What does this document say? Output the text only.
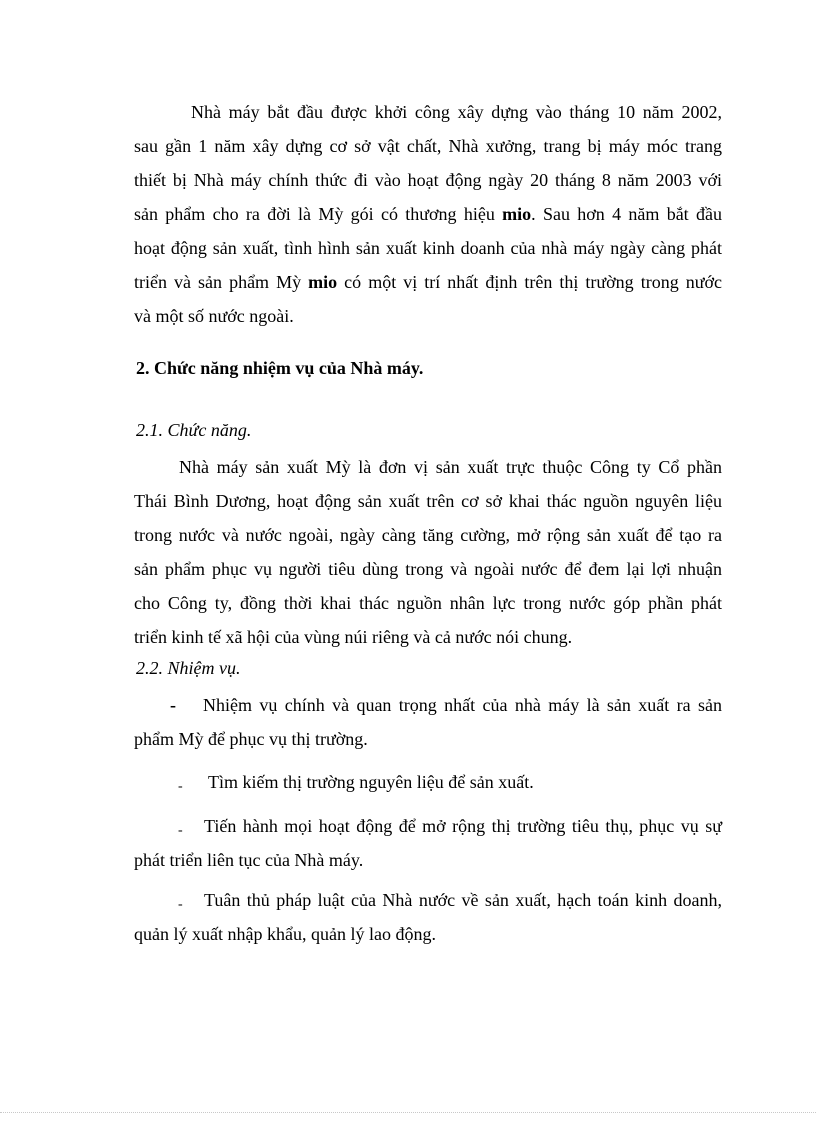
Nhà máy bắt đầu được khởi công xây dựng vào tháng 10 năm 2002,
sau gần 1 năm xây dựng cơ sở vật chất, Nhà xưởng, trang bị máy móc trang
thiết bị Nhà máy chính thức đi vào hoạt động ngày 20 tháng 8 năm 2003 với
sản phẩm cho ra đời là Mỳ gói có thương hiệu mio. Sau hơn 4 năm bắt đầu
hoạt động sản xuất, tình hình sản xuất kinh doanh của nhà máy ngày càng phát
triển và sản phẩm Mỳ mio có một vị trí nhất định trên thị trường trong nước
và một số nước ngoài.
2. Chức năng nhiệm vụ của Nhà máy.
2.1. Chức năng.
Nhà máy sản xuất Mỳ là đơn vị sản xuất trực thuộc Công ty Cổ phần
Thái Bình Dương, hoạt động sản xuất trên cơ sở khai thác nguồn nguyên liệu
trong nước và nước ngoài, ngày càng tăng cường, mở rộng sản xuất để tạo ra
sản phẩm phục vụ người tiêu dùng trong và ngoài nước để đem lại lợi nhuận
cho Công ty, đồng thời khai thác nguồn nhân lực trong nước góp phần phát
triển kinh tế xã hội của vùng núi riêng và cả nước nói chung.
2.2. Nhiệm vụ.
-	Nhiệm vụ chính và quan trọng nhất của nhà máy là sản xuất ra sản
phẩm Mỳ để phục vụ thị trường.
-	Tìm kiếm thị trường nguyên liệu để sản xuất.
-	Tiến hành mọi hoạt động để mở rộng thị trường tiêu thụ, phục vụ sự
phát triển liên tục của Nhà máy.
-	Tuân thủ pháp luật của Nhà nước về sản xuất, hạch toán kinh doanh,
quản lý xuất nhập khẩu, quản lý lao động.
